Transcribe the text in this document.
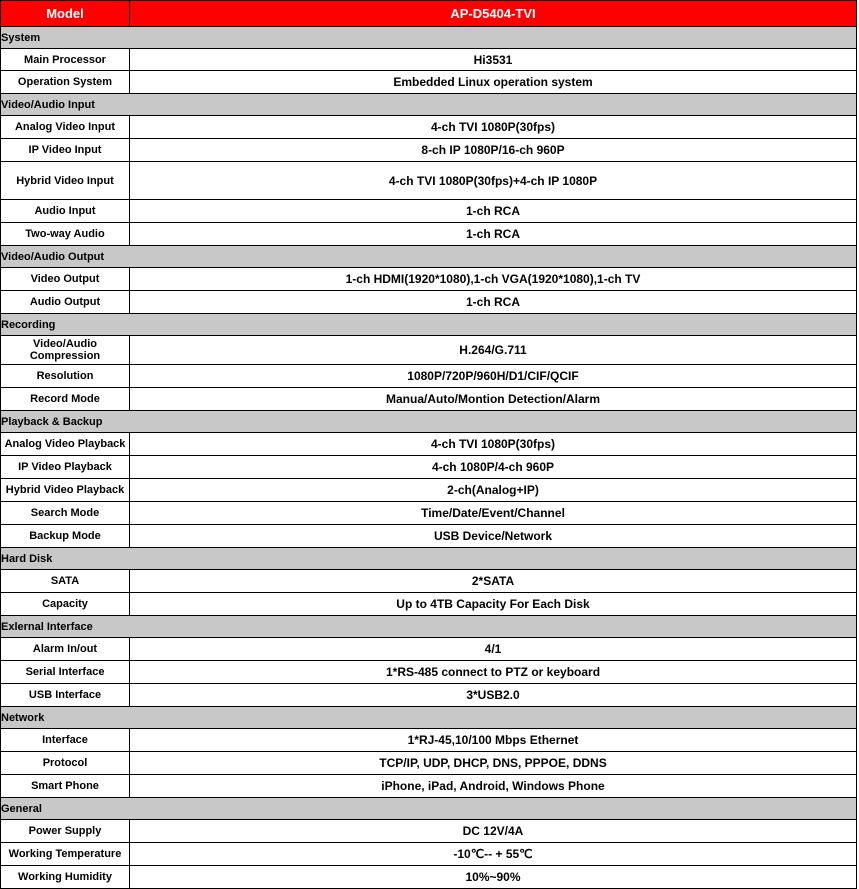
Model	AP-D5404-TVI
System	
Main Processor	Hi3531
Operation System	Embedded Linux operation system
Video/Audio Input	
Analog Video Input	4-ch TVI 1080P(30fps)
IP Video Input	8-ch IP 1080P/16-ch 960P
Hybrid Video Input	4-ch TVI 1080P(30fps)+4-ch IP 1080P
Audio Input	1-ch RCA
Two-way Audio	1-ch RCA
Video/Audio Output	
Video Output	1-ch HDMI(1920*1080),1-ch VGA(1920*1080),1-ch TV
Audio Output	1-ch RCA
Recording	
Video/Audio Compression	H.264/G.711
Resolution	1080P/720P/960H/D1/CIF/QCIF
Record Mode	Manua/Auto/Montion Detection/Alarm
Playback & Backup	
Analog Video Playback	4-ch TVI 1080P(30fps)
IP Video Playback	4-ch 1080P/4-ch 960P
Hybrid Video Playback	2-ch(Analog+IP)
Search Mode	Time/Date/Event/Channel
Backup Mode	USB Device/Network
Hard Disk	
SATA	2*SATA
Capacity	Up to 4TB Capacity For Each Disk
Exlernal Interface	
Alarm In/out	4/1
Serial Interface	1*RS-485 connect to PTZ or keyboard
USB Interface	3*USB2.0
Network	
Interface	1*RJ-45,10/100 Mbps Ethernet
Protocol	TCP/IP, UDP, DHCP, DNS, PPPOE, DDNS
Smart Phone	iPhone, iPad, Android, Windows Phone
General	
Power Supply	DC 12V/4A
Working Temperature	-10℃-- + 55℃
Working Humidity	10%~90%
